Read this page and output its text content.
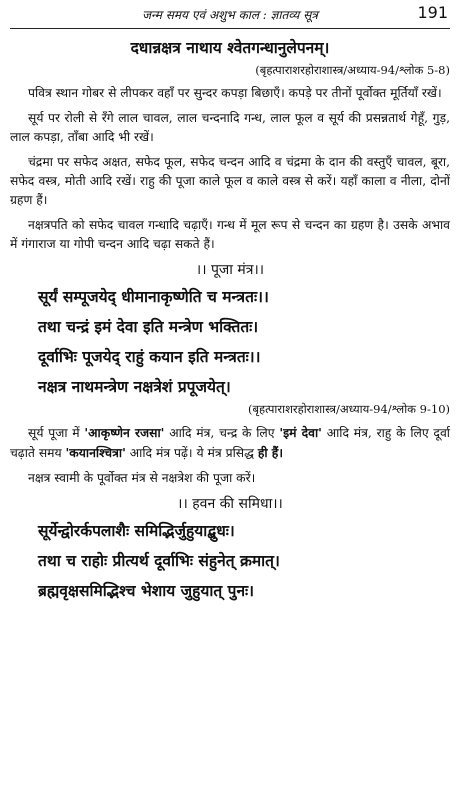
जन्म समय एवं अशुभ काल : ज्ञातव्य सूत्र	191

दधान्नक्षत्र नाथाय श्वेतगन्धानुलेपनम्।

(बृहत्पाराशरहोराशास्त्र/अध्याय-94/श्लोक 5-8)

पवित्र स्थान गोबर से लीपकर वहाँ पर सुन्दर कपड़ा बिछाएँ। कपड़े पर तीनों पूर्वोक्त मूर्तियाँ रखें।

सूर्य पर रोली से रँगे लाल चावल, लाल चन्दनादि गन्ध, लाल फूल व सूर्य की प्रसन्नतार्थ गेहूँ, गुड़, लाल कपड़ा, ताँबा आदि भी रखें।

चंद्रमा पर सफेद अक्षत, सफेद फूल, सफेद चन्दन आदि व चंद्रमा के दान की वस्तुएँ चावल, बूरा, सफेद वस्त्र, मोती आदि रखें। राहु की पूजा काले फूल व काले वस्त्र से करें। यहाँ काला व नीला, दोनों ग्रहण हैं।

नक्षत्रपति को सफेद चावल गन्धादि चढ़ाएँ। गन्ध में मूल रूप से चन्दन का ग्रहण है। उसके अभाव में गंगाराज या गोपी चन्दन आदि चढ़ा सकते हैं।

।। पूजा मंत्र।।

सूर्यं सम्पूजयेद् धीमानाकृष्णेति च मन्त्रतः।।

तथा चन्द्रं इमं देवा इति मन्त्रेण भक्तितः।

दूर्वाभिः पूजयेद् राहुं कयान इति मन्त्रतः।।

नक्षत्र नाथमन्त्रेण नक्षत्रेशं प्रपूजयेत्।

(बृहत्पाराशरहोराशास्त्र/अध्याय-94/श्लोक 9-10)

सूर्य पूजा में 'आकृष्णेन रजसा' आदि मंत्र, चन्द्र के लिए 'इमं देवा' आदि मंत्र, राहु के लिए दूर्वा चढ़ाते समय 'कयानश्चित्रा' आदि मंत्र पढ़ें। ये मंत्र प्रसिद्ध ही हैं।

नक्षत्र स्वामी के पूर्वोक्त मंत्र से नक्षत्रेश की पूजा करें।

।। हवन की समिधा।।

सूर्येन्द्वोरर्कपलाशैः समिद्भिर्जुहुयाद्बुधः।

तथा च राहोः प्रीत्यर्थ दूर्वाभिः संहुनेत् क्रमात्।

ब्रह्मवृक्षसमिद्भिश्च भेशाय जुहुयात् पुनः।
